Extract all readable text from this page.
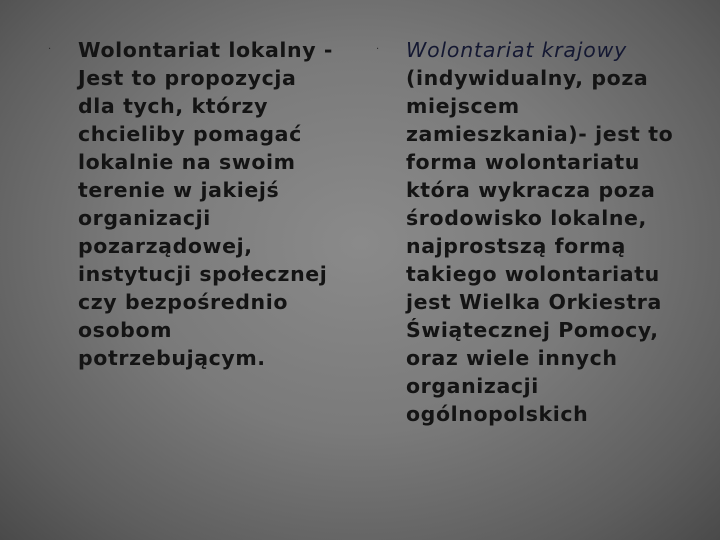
· Wolontariat lokalny -
Jest to propozycja
dla tych, którzy
chcieliby pomagać
lokalnie na swoim
terenie w jakiejś
organizacji
pozarządowej,
instytucji społecznej
czy bezpośrednio
osobom
potrzebującym.
· Wolontariat krajowy
(indywidualny, poza
miejscem
zamieszkania)- jest to
forma wolontariatu
która wykracza poza
środowisko lokalne,
najprostszą formą
takiego wolontariatu
jest Wielka Orkiestra
Świątecznej Pomocy,
oraz wiele innych
organizacji
ogólnopolskich
